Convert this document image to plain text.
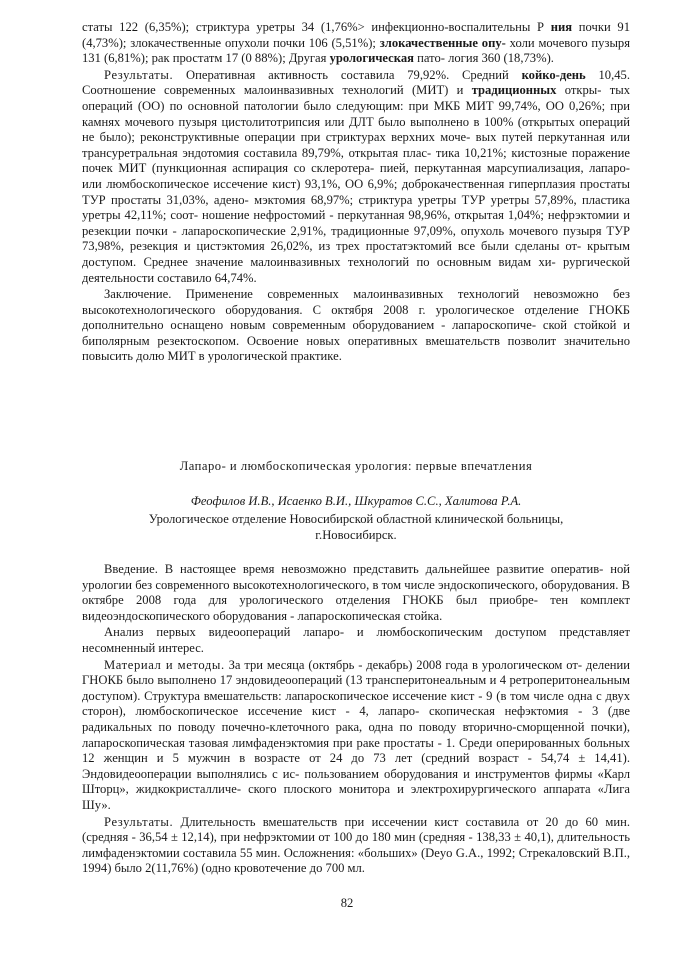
статы 122 (6,35%); стриктура уретры 34 (1,76%> инфекционно-воспалительны Р ния почки 91 (4,73%); злокачественные опухоли почки 106 (5,51%); злокачественные опу- холи мочевого пузыря 131 (6,81%); рак простатм 17 (0 88%); Другая урологическая пато- логия 360 (18,73%).

Результаты. Оперативная активность составила 79,92%. Средний койко-день 10,45. Соотношение современных малоинвазивных технологий (МИТ) и традиционных откры- тых операций (ОО) по основной патологии было следующим: при МКБ МИТ 99,74%, ОО 0,26%; при камнях мочевого пузыря цистолитотрипсия или ДЛТ было выполнено в 100% (открытых операций не было); реконструктивные операции при стриктурах верхних моче- вых путей перкутанная или трансуретральная эндотомия составила 89,79%, открытая плас- тика 10,21%; кистозные поражение почек МИТ (пункционная аспирация со склеротера- пией, перкутанная марсупиализация, лапаро- или люмбоскопическое иссечение кист) 93,1%, ОО 6,9%; доброкачественная гиперплазия простаты ТУР простаты 31,03%, адено- мэктомия 68,97%; стриктура уретры ТУР уретры 57,89%, пластика уретры 42,11%; соот- ношение нефростомий - перкутанная 98,96%, открытая 1,04%; нефрэктомии и резекции почки - лапароскопические 2,91%, традиционные 97,09%, опухоль мочевого пузыря ТУР 73,98%, резекция и цистэктомия 26,02%, из трех простатэктомий все были сделаны от- крытым доступом. Среднее значение малоинвазивных технологий по основным видам хи- рургической деятельности составило 64,74%.

Заключение. Применение современных малоинвазивных технологий невозможно без высокотехнологического оборудования. С октября 2008 г. урологическое отделение ГНОКБ дополнительно оснащено новым современным оборудованием - лапароскопиче- ской стойкой и биполярным резектоскопом. Освоение новых оперативных вмешательств позволит значительно повысить долю МИТ в урологической практике.

Лапаро- и люмбоскопическая урология: первые впечатления
Феофилов И.В., Исаенко В.И., Шкуратов С.С., Халитова Р.А.
Урологическое отделение Новосибирской областной клинической больницы,
г.Новосибирск.

Введение. В настоящее время невозможно представить дальнейшее развитие оператив- ной урологии без современного высокотехнологического, в том числе эндоскопического, оборудования. В октябре 2008 года для урологического отделения ГНОКБ был приобре- тен комплект видеоэндоскопического оборудования - лапароскопическая стойка.

Анализ первых видеоопераций лапаро- и люмбоскопическим доступом представляет несомненный интерес.

Материал и методы. За три месяца (октябрь - декабрь) 2008 года в урологическом от- делении ГНОКБ было выполнено 17 эндовидеоопераций (13 трансперитонеальным и 4 ретроперитонеальным доступом). Структура вмешательств: лапароскопическое иссечение кист - 9 (в том числе одна с двух сторон), люмбоскопическое иссечение кист - 4, лапаро- скопическая нефэктомия - 3 (две радикальных по поводу почечно-клеточного рака, одна по поводу вторично-сморщенной почки), лапароскопическая тазовая лимфаденэктомия при раке простаты - 1. Среди оперированных больных 12 женщин и 5 мужчин в возрасте от 24 до 73 лет (средний возраст - 54,74 ± 14,41). Эндовидеооперации выполнялись с ис- пользованием оборудования и инструментов фирмы «Карл Шторц», жидкокристалличе- ского плоского монитора и электрохирургического аппарата «Лига Шу».

Результаты. Длительность вмешательств при иссечении кист составила от 20 до 60 мин. (средняя - 36,54 ± 12,14), при нефрэктомии от 100 до 180 мин (средняя - 138,33 ± 40,1), длительность лимфаденэктомии составила 55 мин. Осложнения: «больших» (Deyo G.A., 1992; Стрекаловский В.П., 1994) было 2(11,76%) (одно кровотечение до 700 мл.

82
